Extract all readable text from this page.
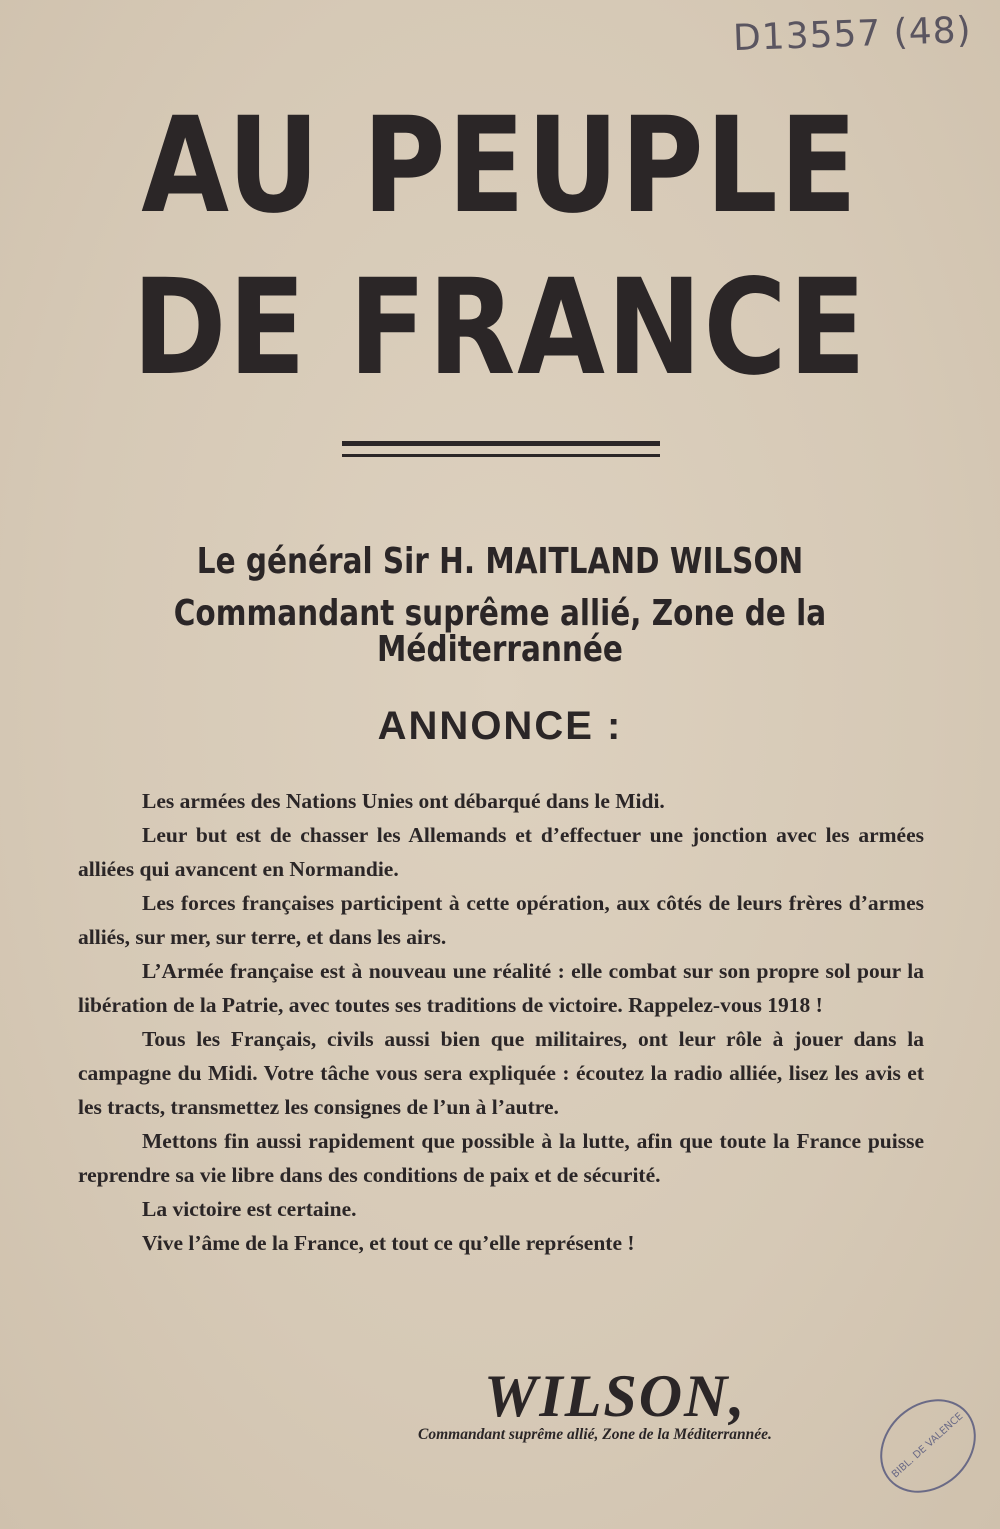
D13557 (48)
AU PEUPLE
DE FRANCE
Le général Sir H. MAITLAND WILSON
Commandant suprême allié, Zone de la Méditerrannée
ANNONCE :

Les armées des Nations Unies ont débarqué dans le Midi.

Leur but est de chasser les Allemands et d’effectuer une jonction avec les armées alliées qui avancent en Normandie.

Les forces françaises participent à cette opération, aux côtés de leurs frères d’armes alliés, sur mer, sur terre, et dans les airs.

L’Armée française est à nouveau une réalité : elle combat sur son propre sol pour la libération de la Patrie, avec toutes ses traditions de victoire. Rappelez-vous 1918 !

Tous les Français, civils aussi bien que militaires, ont leur rôle à jouer dans la campagne du Midi. Votre tâche vous sera expliquée : écoutez la radio alliée, lisez les avis et les tracts, transmettez les consignes de l’un à l’autre.

Mettons fin aussi rapidement que possible à la lutte, afin que toute la France puisse reprendre sa vie libre dans des conditions de paix et de sécurité.

La victoire est certaine.

Vive l’âme de la France, et tout ce qu’elle représente !

WILSON,
Commandant suprême allié, Zone de la Méditerrannée.	BIBL. DE VALENCE
